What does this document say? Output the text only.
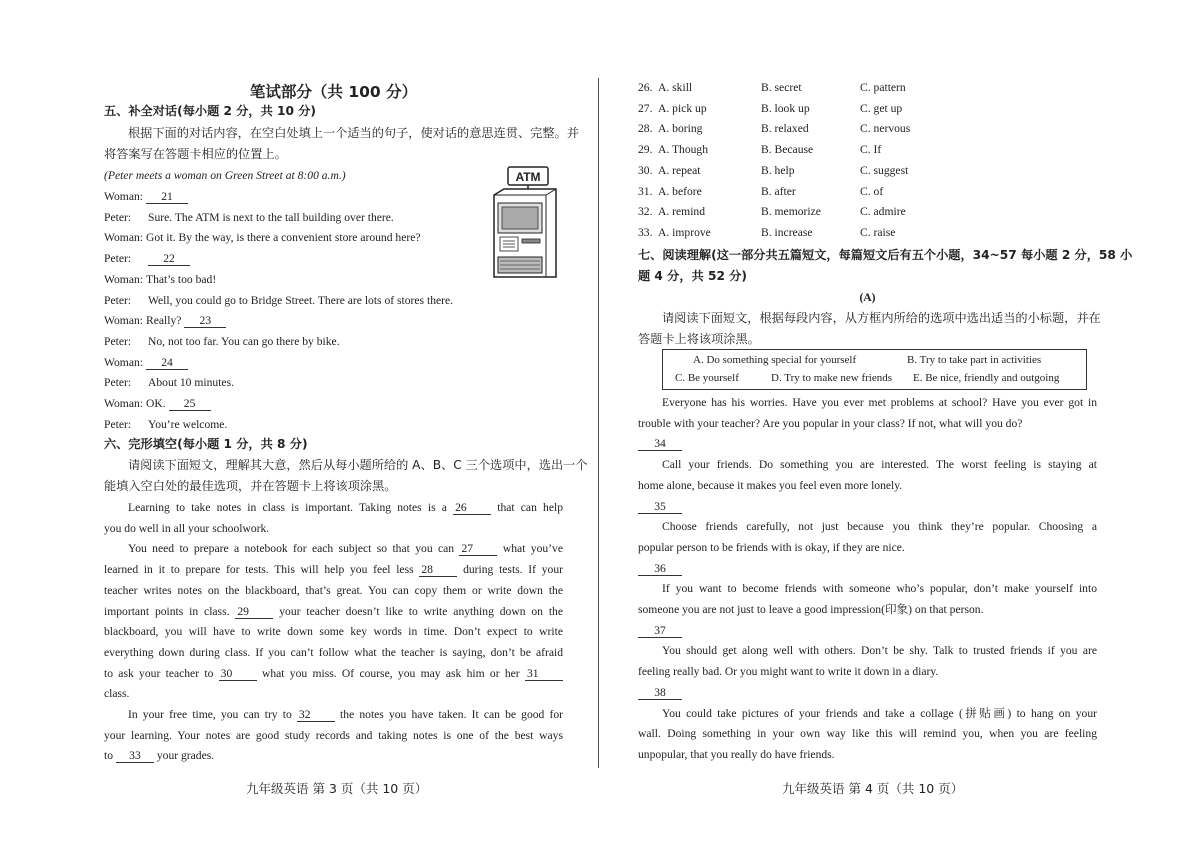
笔试部分（共 100 分）
五、补全对话(每小题 2 分，共 10 分)
根据下面的对话内容，在空白处填上一个适当的句子，使对话的意思连贯、完整。并
将答案写在答题卡相应的位置上。
(Peter meets a woman on Green Street at 8:00 a.m.)
Woman: 21
Peter: Sure. The ATM is next to the tall building over there.
Woman: Got it. By the way, is there a convenient store around here?
Peter:	22
Woman: That’s too bad!
Peter: Well, you could go to Bridge Street. There are lots of stores there.
Woman: Really? 23
Peter: No, not too far. You can go there by bike.
Woman: 24
Peter: About 10 minutes.
Woman: OK. 25
Peter: You’re welcome.
六、完形填空(每小题 1 分，共 8 分)
请阅读下面短文，理解其大意，然后从每小题所给的 A、B、C 三个选项中，选出一个
能填入空白处的最佳选项，并在答题卡上将该项涂黑。
Learning to take notes in class is important. Taking notes is a 26	that can help
you do well in all your schoolwork.
You need to prepare a notebook for each subject so that you can 27	what you’ve
learned in it to prepare for tests. This will help you feel less 28	during tests. If your
teacher writes notes on the blackboard, that’s great. You can copy them or write down the
important points in class. 29	your teacher doesn’t like to write anything down on the
blackboard, you will have to write down some key words in time. Don’t expect to write
everything down during class. If you can’t follow what the teacher is saying, don’t be afraid
to ask your teacher to 30	what you miss. Of course, you may ask him or her 31
class.
In your free time, you can try to 32	the notes you have taken. It can be good for
your learning. Your notes are good study records and taking notes is one of the best ways
to 33 your grades.
ATM
26. A. skill	B. secret	C. pattern
27. A. pick up	B. look up	C. get up
28. A. boring	B. relaxed	C. nervous
29. A. Though	B. Because	C. If
30. A. repeat	B. help	C. suggest
31. A. before	B. after	C. of
32. A. remind	B. memorize	C. admire
33. A. improve	B. increase	C. raise
七、阅读理解(这一部分共五篇短文，每篇短文后有五个小题，34~57 每小题 2 分，58 小
题 4 分，共 52 分)
(A)
请阅读下面短文，根据每段内容，从方框内所给的选项中选出适当的小标题，并在
答题卡上将该项涂黑。
A. Do something special for yourself	B. Try to take part in activities
C. Be yourself	D. Try to make new friends E. Be nice, friendly and outgoing
Everyone has his worries. Have you ever met problems at school? Have you ever got in
trouble with your teacher? Are you popular in your class? If not, what will you do?
34
Call your friends. Do something you are interested. The worst feeling is staying at
home alone, because it makes you feel even more lonely.
35
Choose friends carefully, not just because you think they’re popular. Choosing a
popular person to be friends with is okay, if they are nice.
36
If you want to become friends with someone who’s popular, don’t make yourself into
someone you are not just to leave a good impression(印象) on that person.
37
You should get along well with others. Don’t be shy. Talk to trusted friends if you are
feeling really bad. Or you might want to write it down in a diary.
38
You could take pictures of your friends and take a collage (拼贴画) to hang on your
wall. Doing something in your own way like this will remind you, when you are feeling
unpopular, that you really do have friends.
九年级英语 第 3 页（共 10 页）	九年级英语 第 4 页（共 10 页）
